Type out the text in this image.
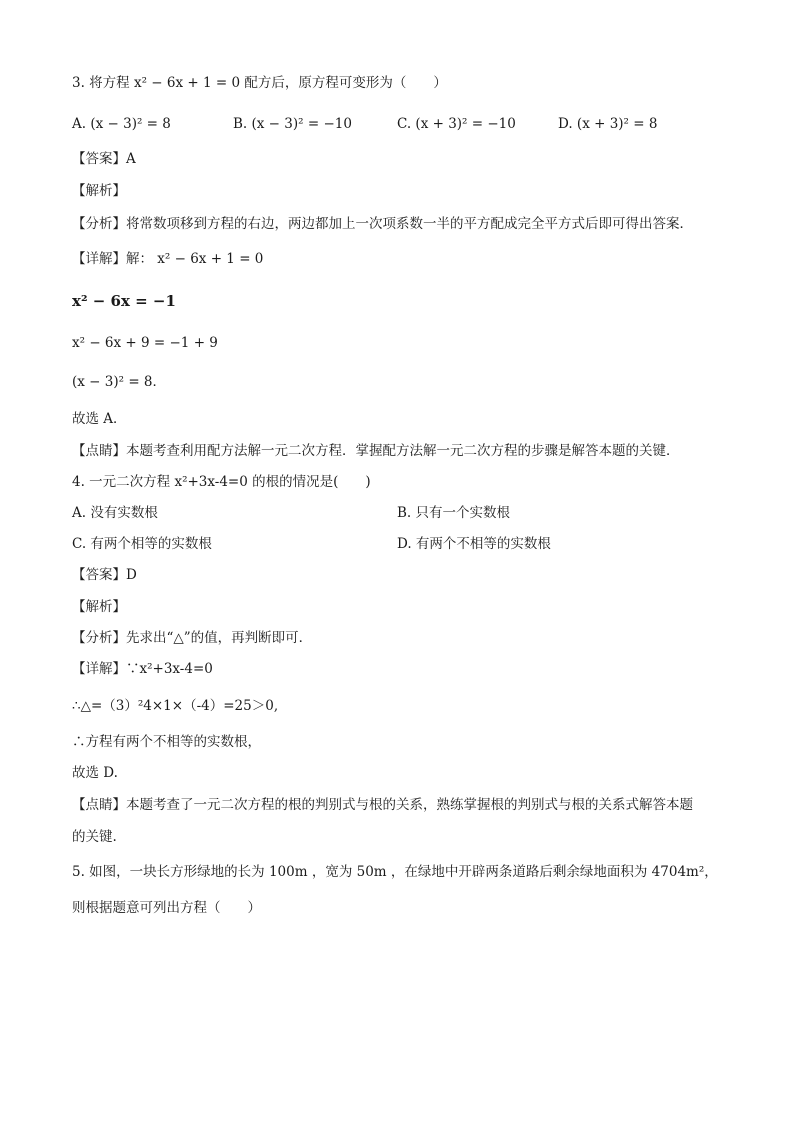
3. 将方程 x² − 6x + 1 = 0 配方后，原方程可变形为（　　）
A. (x − 3)² = 8	B. (x − 3)² = −10	C. (x + 3)² = −10	D. (x + 3)² = 8
【答案】A
【解析】
【分析】将常数项移到方程的右边，两边都加上一次项系数一半的平方配成完全平方式后即可得出答案．
【详解】解： x² − 6x + 1 = 0
x² − 6x = −1
x² − 6x + 9 = −1 + 9
(x − 3)² = 8．
故选 A．
【点睛】本题考查利用配方法解一元二次方程．掌握配方法解一元二次方程的步骤是解答本题的关键．
4. 一元二次方程 x²+3x-4=0 的根的情况是(　　)
A. 没有实数根	B. 只有一个实数根
C. 有两个相等的实数根	D. 有两个不相等的实数根
【答案】D
【解析】
【分析】先求出“△”的值，再判断即可．
【详解】∵x²+3x-4=0
∴△=（3）²4×1×（-4）=25＞0,
∴方程有两个不相等的实数根，
故选 D.
【点睛】本题考查了一元二次方程的根的判别式与根的关系，熟练掌握根的判别式与根的关系式解答本题
的关键.
5. 如图，一块长方形绿地的长为 100m ，宽为 50m ，在绿地中开辟两条道路后剩余绿地面积为 4704m²，
则根据题意可列出方程（　　）
